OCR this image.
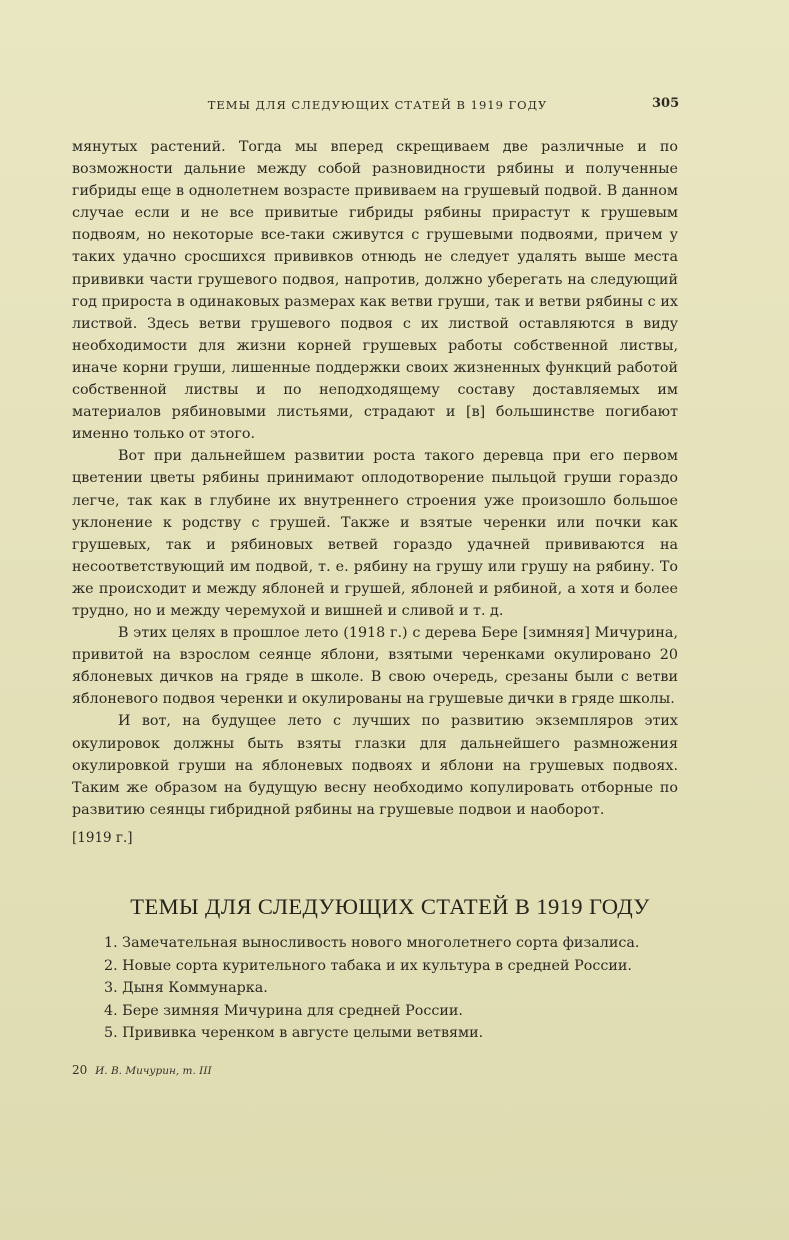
ТЕМЫ ДЛЯ СЛЕДУЮЩИХ СТАТЕЙ В 1919 ГОДУ	305

мянутых растений. Тогда мы вперед скрещиваем две различные и по возможности дальние между собой разновидности рябины и полученные гибриды еще в однолетнем возрасте прививаем на грушевый подвой. В данном случае если и не все привитые гибриды рябины прирастут к грушевым подвоям, но некоторые все-таки сживутся с грушевыми подвоями, причем у таких удачно сросшихся прививков отнюдь не следует удалять выше места прививки части грушевого подвоя, напротив, должно уберегать на следующий год прироста в одинаковых размерах как ветви груши, так и ветви рябины с их листвой. Здесь ветви грушевого подвоя с их листвой оставляются в виду необходимости для жизни корней грушевых работы собственной листвы, иначе корни груши, лишенные поддержки своих жизненных функций работой собственной листвы и по неподходящему составу доставляемых им материалов рябиновыми листьями, страдают и [в] большинстве погибают именно только от этого.

Вот при дальнейшем развитии роста такого деревца при его первом цветении цветы рябины принимают оплодотворение пыльцой груши гораздо легче, так как в глубине их внутреннего строения уже произошло большое уклонение к родству с грушей. Также и взятые черенки или почки как грушевых, так и рябиновых ветвей гораздо удачней прививаются на несоответствующий им подвой, т. е. рябину на грушу или грушу на рябину. То же происходит и между яблоней и грушей, яблоней и рябиной, а хотя и более трудно, но и между черемухой и вишней и сливой и т. д.

В этих целях в прошлое лето (1918 г.) с дерева Бере [зимняя] Мичурина, привитой на взрослом сеянце яблони, взятыми черенками окулировано 20 яблоневых дичков на гряде в школе. В свою очередь, срезаны были с ветви яблоневого подвоя черенки и окулированы на грушевые дички в гряде школы.

И вот, на будущее лето с лучших по развитию экземпляров этих окулировок должны быть взяты глазки для дальнейшего размножения окулировкой груши на яблоневых подвоях и яблони на грушевых подвоях. Таким же образом на будущую весну необходимо копулировать отборные по развитию сеянцы гибридной рябины на грушевые подвои и наоборот.

[1919 г.]

ТЕМЫ ДЛЯ СЛЕДУЮЩИХ СТАТЕЙ В 1919 ГОДУ
1. Замечательная выносливость нового многолетнего сорта физалиса.
2. Новые сорта курительного табака и их культура в средней России.
3. Дыня Коммунарка.
4. Бере зимняя Мичурина для средней России.
5. Прививка черенком в августе целыми ветвями.
20 И. В. Мичурин, т. III
